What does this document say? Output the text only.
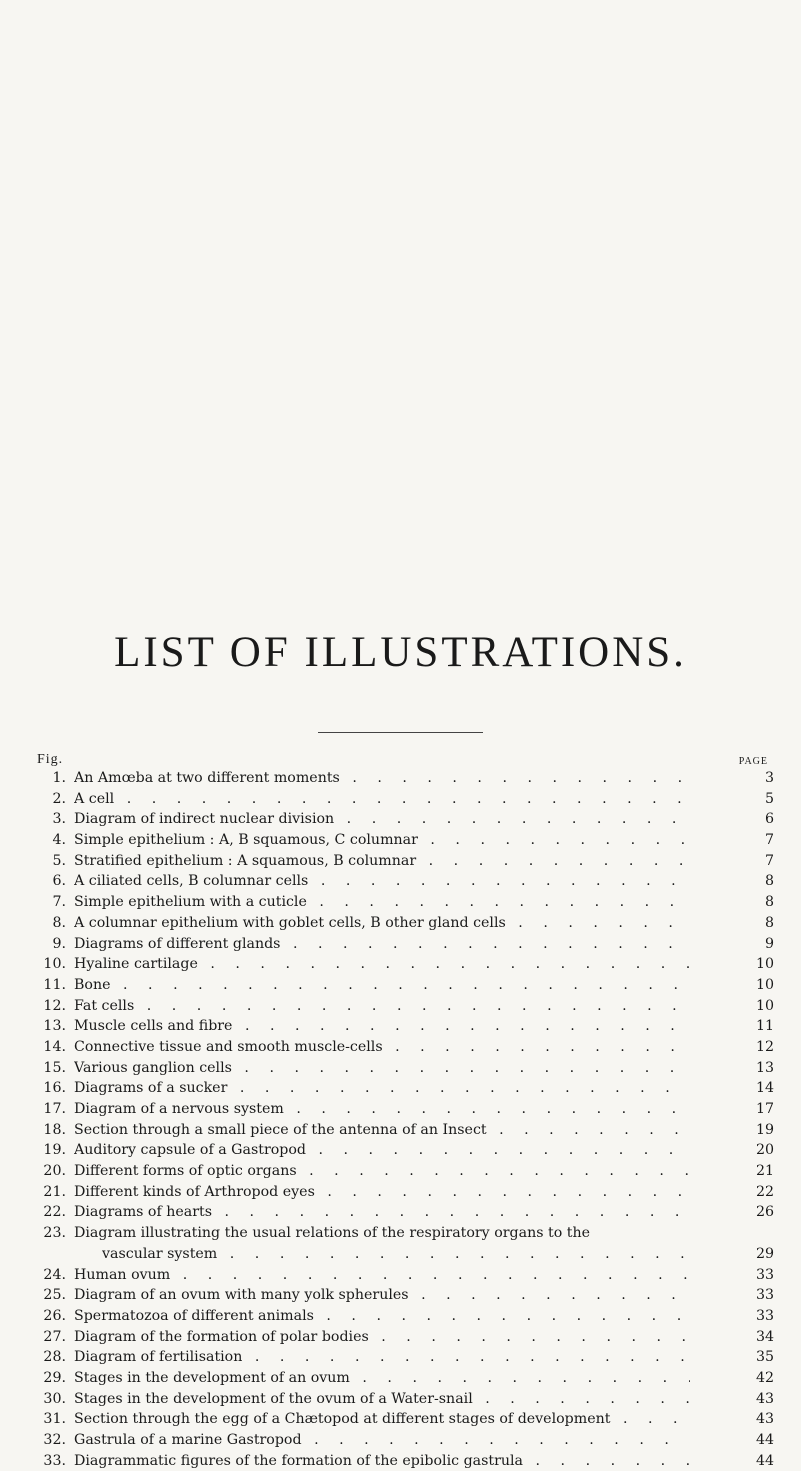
LIST OF ILLUSTRATIONS.
Fig.	PAGE
1. An Amœba at two different moments . . .	3
2. A cell . . .	5
3. Diagram of indirect nuclear division . . .	6
4. Simple epithelium : A, B squamous, C columnar . . .	7
5. Stratified epithelium : A squamous, B columnar . . .	7
6. A ciliated cells, B columnar cells . . .	8
7. Simple epithelium with a cuticle . . .	8
8. A columnar epithelium with goblet cells, B other gland cells . . .	8
9. Diagrams of different glands . . .	9
10. Hyaline cartilage . . .	10
11. Bone . . .	10
12. Fat cells . . .	10
13. Muscle cells and fibre . . .	11
14. Connective tissue and smooth muscle-cells . . .	12
15. Various ganglion cells . . .	13
16. Diagrams of a sucker . . .	14
17. Diagram of a nervous system . . .	17
18. Section through a small piece of the antenna of an Insect . . .	19
19. Auditory capsule of a Gastropod . . .	20
20. Different forms of optic organs . . .	21
21. Different kinds of Arthropod eyes . . .	22
22. Diagrams of hearts . . .	26
23. Diagram illustrating the usual relations of the respiratory organs to the
vascular system . . .	29
24. Human ovum . . .	33
25. Diagram of an ovum with many yolk spherules . . .	33
26. Spermatozoa of different animals . . .	33
27. Diagram of the formation of polar bodies . . .	34
28. Diagram of fertilisation . . .	35
29. Stages in the development of an ovum . . .	42
30. Stages in the development of the ovum of a Water-snail . . .	43
31. Section through the egg of a Chætopod at different stages of development . . .	43
32. Gastrula of a marine Gastropod . . .	44
33. Diagrammatic figures of the formation of the epibolic gastrula . . .	44
